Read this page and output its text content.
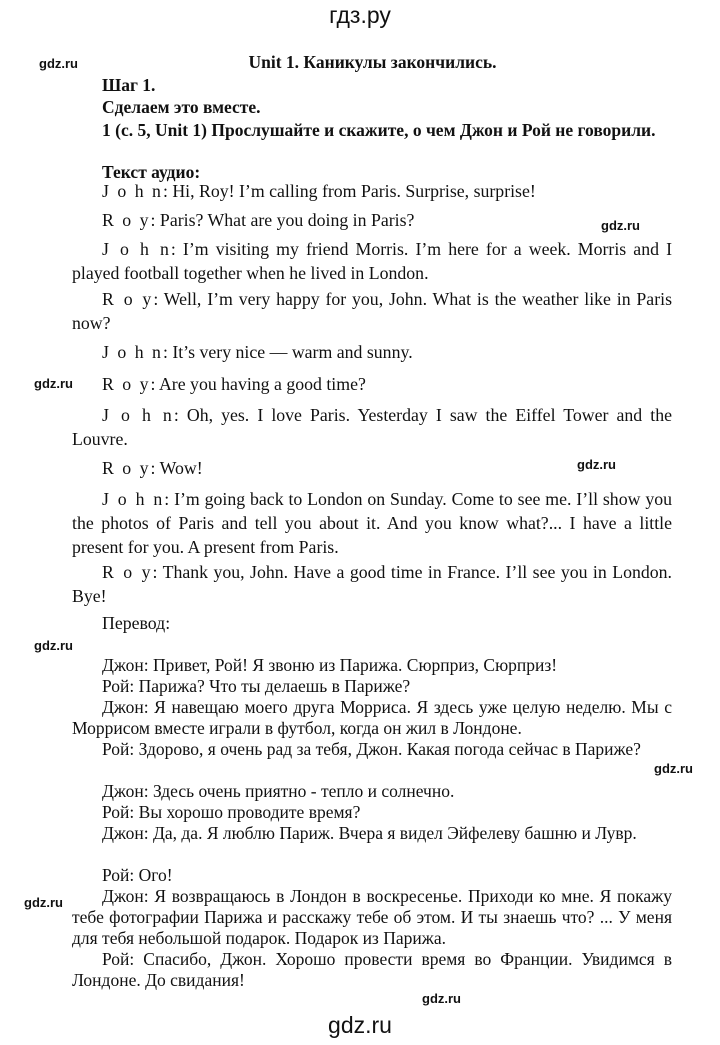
гдз.ру
gdz.ru
gdz.ru
gdz.ru
gdz.ru
gdz.ru
gdz.ru
gdz.ru
gdz.ru
gdz.ru
Unit 1. Каникулы закончились.
Шаг 1.
Сделаем это вместе.
1 (с. 5, Unit 1) Прослушайте и скажите, о чем Джон и Рой не говорили.
Текст аудио:
J o h n: Hi, Roy! I’m calling from Paris. Surprise, surprise!
R o y: Paris? What are you doing in Paris?
J o h n: I’m visiting my friend Morris. I’m here for a week. Morris and I played football together when he lived in London.
R o y: Well, I’m very happy for you, John. What is the weather like in Paris now?
J o h n: It’s very nice — warm and sunny.
R o y: Are you having a good time?
J o h n: Oh, yes. I love Paris. Yesterday I saw the Eiffel Tower and the Louvre.
R o y: Wow!
J o h n: I’m going back to London on Sunday. Come to see me. I’ll show you the photos of Paris and tell you about it. And you know what?... I have a little present for you. A present from Paris.
R o y: Thank you, John. Have a good time in France. I’ll see you in London. Bye!
Перевод:
Джон: Привет, Рой! Я звоню из Парижа. Сюрприз, Сюрприз!
Рой: Парижа? Что ты делаешь в Париже?
Джон: Я навещаю моего друга Морриса. Я здесь уже целую неделю. Мы с Моррисом вместе играли в футбол, когда он жил в Лондоне.
Рой: Здорово, я очень рад за тебя, Джон. Какая погода сейчас в Париже?
Джон: Здесь очень приятно - тепло и солнечно.
Рой: Вы хорошо проводите время?
Джон: Да, да. Я люблю Париж. Вчера я видел Эйфелеву башню и Лувр.
Рой: Ого!
Джон: Я возвращаюсь в Лондон в воскресенье. Приходи ко мне. Я покажу тебе фотографии Парижа и расскажу тебе об этом. И ты знаешь что? ... У меня для тебя небольшой подарок. Подарок из Парижа.
Рой: Спасибо, Джон. Хорошо провести время во Франции. Увидимся в Лондоне. До свидания!
